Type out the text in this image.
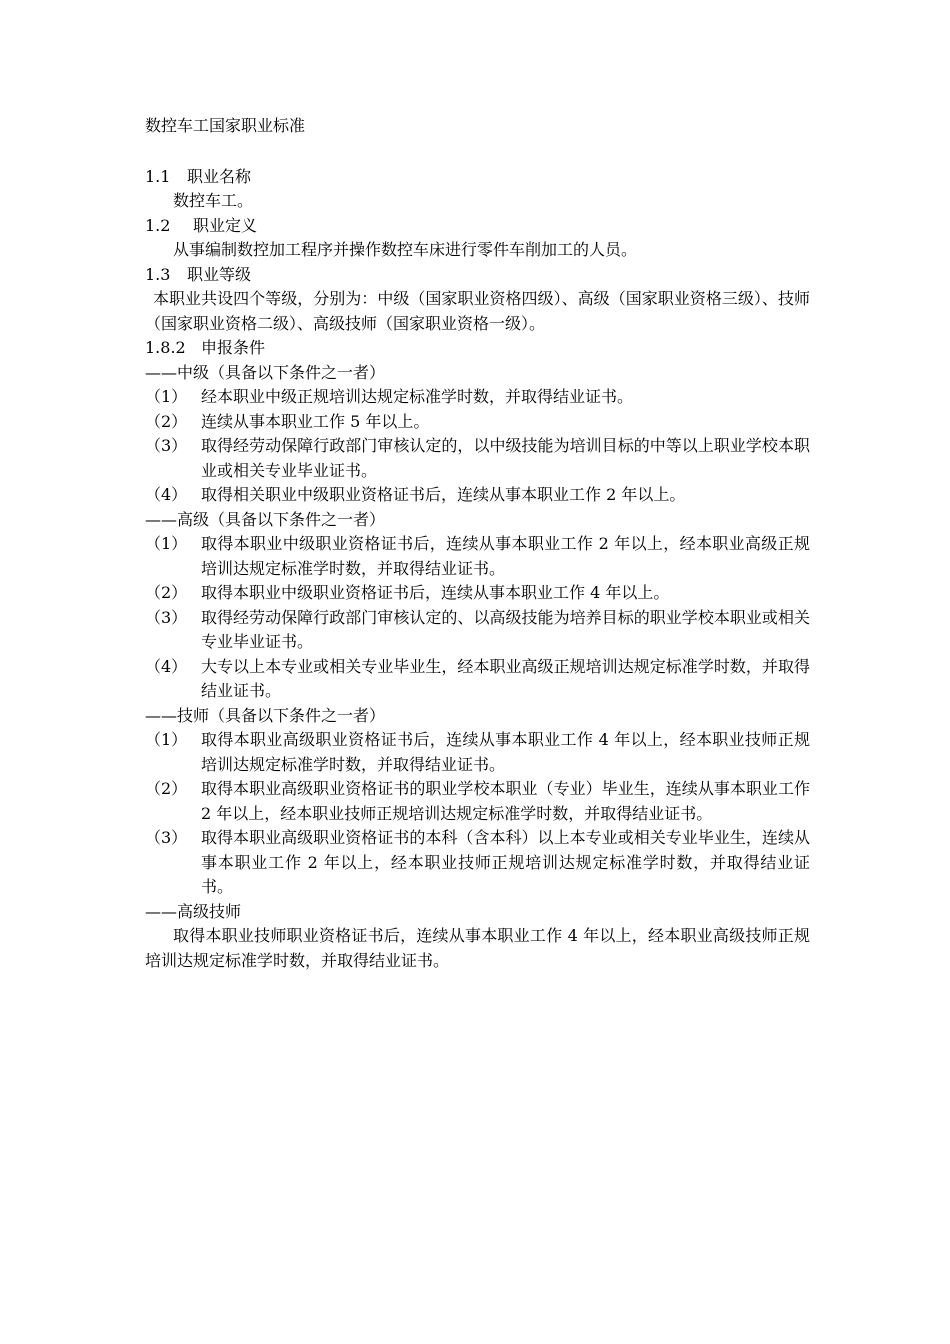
数控车工国家职业标准
1.1 职业名称
数控车工。
1.2 职业定义
从事编制数控加工程序并操作数控车床进行零件车削加工的人员。
1.3 职业等级
本职业共设四个等级，分别为：中级（国家职业资格四级）、高级（国家职业资格三级）、技师（国家职业资格二级）、高级技师（国家职业资格一级）。
1.8.2 申报条件
——中级（具备以下条件之一者）
（1） 经本职业中级正规培训达规定标准学时数，并取得结业证书。
（2） 连续从事本职业工作 5 年以上。
（3） 取得经劳动保障行政部门审核认定的，以中级技能为培训目标的中等以上职业学校本职业或相关专业毕业证书。
（4） 取得相关职业中级职业资格证书后，连续从事本职业工作 2 年以上。
——高级（具备以下条件之一者）
（1） 取得本职业中级职业资格证书后，连续从事本职业工作 2 年以上，经本职业高级正规培训达规定标准学时数，并取得结业证书。
（2） 取得本职业中级职业资格证书后，连续从事本职业工作 4 年以上。
（3） 取得经劳动保障行政部门审核认定的、以高级技能为培养目标的职业学校本职业或相关专业毕业证书。
（4） 大专以上本专业或相关专业毕业生，经本职业高级正规培训达规定标准学时数，并取得结业证书。
——技师（具备以下条件之一者）
（1） 取得本职业高级职业资格证书后，连续从事本职业工作 4 年以上，经本职业技师正规培训达规定标准学时数，并取得结业证书。
（2） 取得本职业高级职业资格证书的职业学校本职业（专业）毕业生，连续从事本职业工作 2 年以上，经本职业技师正规培训达规定标准学时数，并取得结业证书。
（3） 取得本职业高级职业资格证书的本科（含本科）以上本专业或相关专业毕业生，连续从事本职业工作 2 年以上，经本职业技师正规培训达规定标准学时数，并取得结业证书。
——高级技师
取得本职业技师职业资格证书后，连续从事本职业工作 4 年以上，经本职业高级技师正规培训达规定标准学时数，并取得结业证书。
